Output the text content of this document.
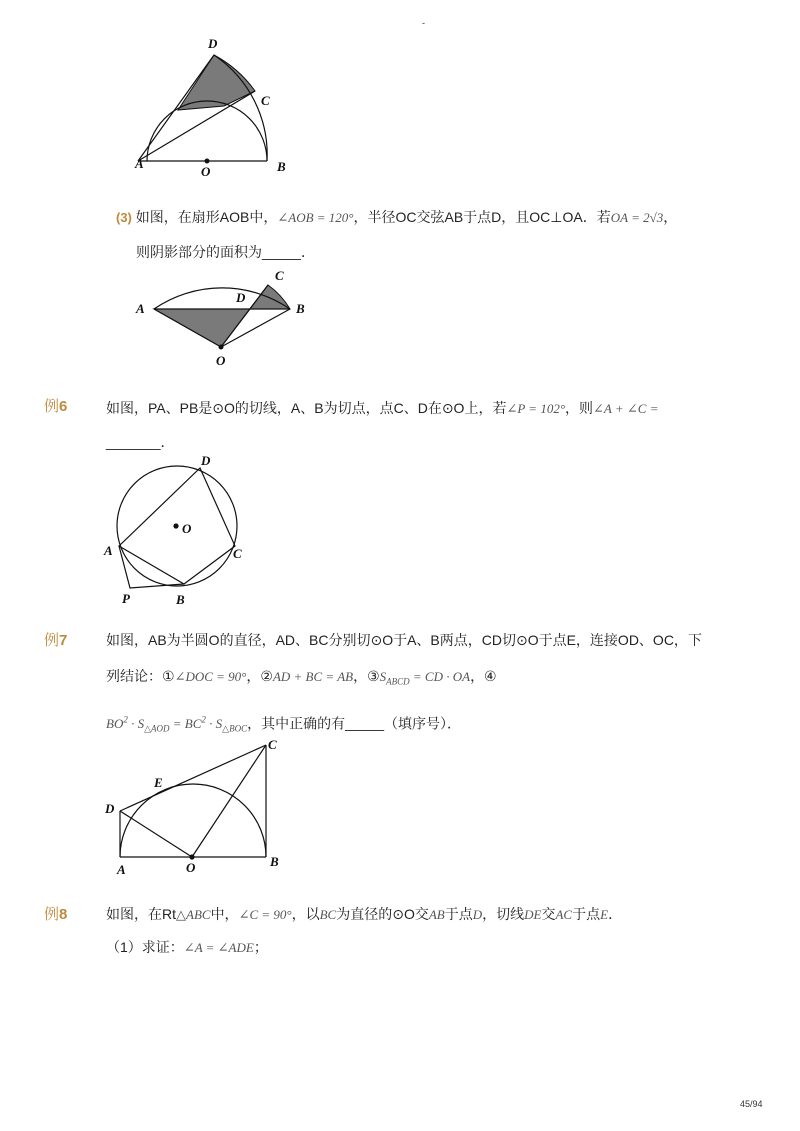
-
D
C
A
O	B
(3) 如图，在扇形AOB中，∠AOB = 120°，半径OC交弦AB于点D，且OC⊥OA．若OA = 2√3，
则阴影部分的面积为_____．
A
D
C
B
O
例6	如图，PA、PB是⊙O的切线，A、B为切点，点C、D在⊙O上，若∠P = 102°，则∠A + ∠C =
_______．
D
O
A	C
P	B
例7	如图，AB为半圆O的直径，AD、BC分别切⊙O于A、B两点，CD切⊙O于点E，连接OD、OC，下
列结论：①∠DOC = 90°，②AD + BC = AB，$③S_{ABCD}$ = CD · OA，④
$BO^2 \cdot S_{\triangle AOD} = BC^2 \cdot S_{\triangle BOC}$，其中正确的有_____（填序号）．
C
E
D
O
A
B
例8	如图，在Rt△ABC中，∠C = 90°，以BC为直径的⊙O交AB于点D，切线DE交AC于点E．
（1）求证：∠A = ∠ADE；
45/94
